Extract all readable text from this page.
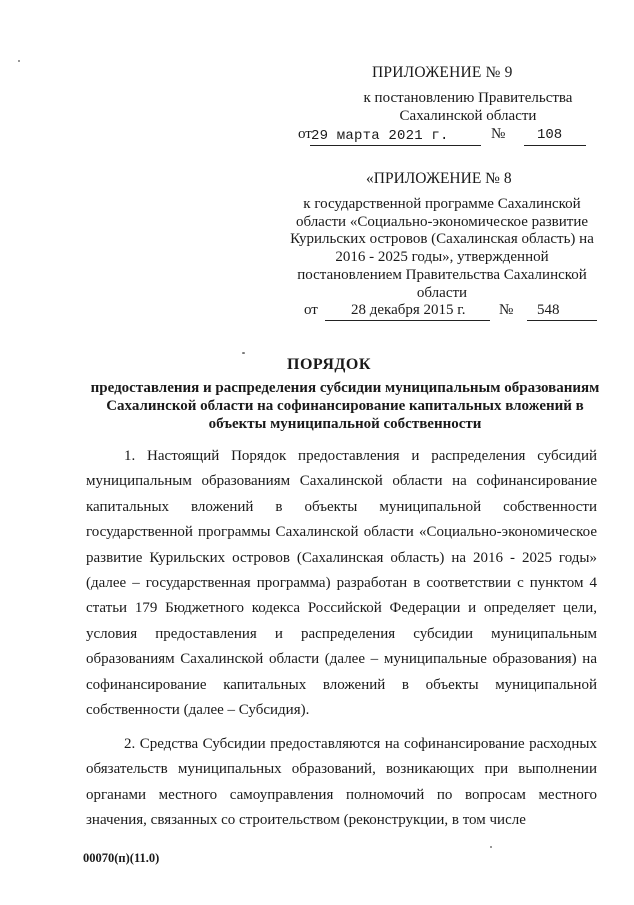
ПРИЛОЖЕНИЕ № 9
к постановлению Правительства
Сахалинской области
от 29 марта 2021 г.	№ 108
«ПРИЛОЖЕНИЕ № 8
к государственной программе Сахалинской области «Социально-экономическое развитие Курильских островов (Сахалинская область) на 2016 - 2025 годы», утвержденной постановлением Правительства Сахалинской области
от 28 декабря 2015 г. № 548
ПОРЯДОК
предоставления и распределения субсидии муниципальным образованиям Сахалинской области на софинансирование капитальных вложений в объекты муниципальной собственности
1. Настоящий Порядок предоставления и распределения субсидий муниципальным образованиям Сахалинской области на софинансирование капитальных вложений в объекты муниципальной собственности государственной программы Сахалинской области «Социально-экономическое развитие Курильских островов (Сахалинская область) на 2016 - 2025 годы» (далее – государственная программа) разработан в соответствии с пунктом 4 статьи 179 Бюджетного кодекса Российской Федерации и определяет цели, условия предоставления и распределения субсидии муниципальным образованиям Сахалинской области (далее – муниципальные образования) на софинансирование капитальных вложений в объекты муниципальной собственности (далее – Субсидия).
2. Средства Субсидии предоставляются на софинансирование расходных обязательств муниципальных образований, возникающих при выполнении органами местного самоуправления полномочий по вопросам местного значения, связанных со строительством (реконструкции, в том числе
00070(п)(11.0)
